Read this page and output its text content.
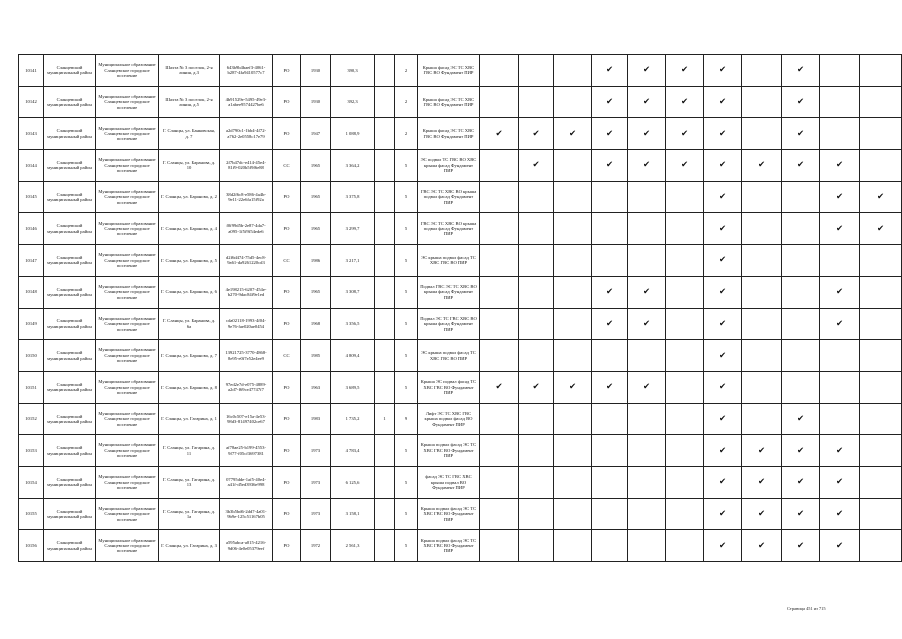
10141	Сланцевский муниципальный район	Муниципальное образование Сланцевское городское поселение	Шахта № 3 поселок, 2-я линия, д.3	643b9b4baef3-4061-b287-4fa9410577c7	РО	1930	390,3		2	Крыша фасад ЭС ТС ХВС ГВС ВО Фундамент ПИР				✔	✔	✔	✔		✔		
10142	Сланцевский муниципальный район	Муниципальное образование Сланцевское городское поселение	Шахта № 3 поселок, 2-я линия, д.5	4b91529e-5495-49e3-a1abee9574427be6	РО	1930	392,3		2	Крыша фасад ЭС ТС ХВС ГВС ВО Фундамент ПИР				✔	✔	✔	✔		✔		
10143	Сланцевский муниципальный район	Муниципальное образование Сланцевское городское поселение	Г. Сланцы, ул. Банковская, д. 7	a2d790c1-1bb4-4f72-a762-2e0558c17e79	РО	1947	1 088,9		2	Крыша фасад ЭС ТС ХВС ГВС ВО Фундамент ПИР	✔	✔	✔	✔	✔	✔	✔		✔		
10144	Сланцевский муниципальный район	Муниципальное образование Сланцевское городское поселение	Г. Сланцы, ул. Баранова, д. 10	2f7b47dc-e414-45e4-81f9-020b5f9f6e88	СС	1965	3 364,2		5	ЭС подвал ТС ГВС ВО ХВС крыша фасад Фундамент ПИР		✔		✔	✔	✔	✔	✔	✔	✔	
10145	Сланцевский муниципальный район	Муниципальное образование Сланцевское городское поселение	Г. Сланцы, ул. Баранова, д. 2	38d2f6c8-e586-4a4b-9e11-22e6fa15f92a	РО	1965	3 375,8		5	ГВС ЭС ТС ХВС ВО крыша подвал фасад Фундамент ПИР							✔			✔	✔
10146	Сланцевский муниципальный район	Муниципальное образование Сланцевское городское поселение	Г. Сланцы, ул. Баранова, д. 4	f0f99d5b-2e87-4da7-a095-1f5f9f54ede6	РО	1965	3 299,7		5	ГВС ЭС ТС ХВС ВО крыша подвал фасад Фундамент ПИР							✔			✔	✔
10147	Сланцевский муниципальный район	Муниципальное образование Сланцевское городское поселение	Г. Сланцы, ул. Баранова, д. 5	d2f6d474-75d5-4ec8-9a61-da9261220cd3	СС	1986	3 217,1		5	ЭС крыша подвал фасад ТС ХВС ГВС ВО ПИР							✔				
10148	Сланцевский муниципальный район	Муниципальное образование Сланцевское городское поселение	Г. Сланцы, ул. Баранова, д. 6	4e198215-6207-454e-b270-9dac84f9e1ed	РО	1965	3 308,7		5	Подвал ГВС ЭС ТС ХВС ВО крыша фасад Фундамент ПИР				✔	✔		✔			✔	
10149	Сланцевский муниципальный район	Муниципальное образование Сланцевское городское поселение	Г. Сланцы, ул. Баранова, д. 6а	cda02118-1993-4f04-9e76-fae020ae0454	РО	1968	3 356,5		5	Подвал ЭС ТС ГВС ХВС ВО крыша фасад Фундамент ПИР				✔	✔		✔			✔	
10150	Сланцевский муниципальный район	Муниципальное образование Сланцевское городское поселение	Г. Сланцы, ул. Баранова, д. 7	13921725-3770-4868-8e95-e0f7e52e4ee9	СС	1985	4 809,4		5	ЭС крыша подвал фасад ТС ХВС ГВС ВО ПИР							✔				
10151	Сланцевский муниципальный район	Муниципальное образование Сланцевское городское поселение	Г. Сланцы, ул. Баранова, д. 8	97ed2e7d-e075-4889-a2d7-f69ce47747f7	РО	1963	3 689,5		5	Крыша ЭС подвал фасад ТС ХВС ГВС ВО Фундамент ПИР	✔	✔	✔	✔	✔		✔				
10152	Сланцевский муниципальный район	Муниципальное образование Сланцевское городское поселение	Г. Сланцы, ул. Гагарина, д. 1	16c0c507-e15a-4e53-98d3-81497402ce67	РО	1983	1 735,2	1	9	Лифт ЭС ТС ХВС ГВС крыша подвал фасад ВО Фундамент ПИР							✔		✔		
10153	Сланцевский муниципальный район	Муниципальное образование Сланцевское городское поселение	Г. Сланцы, ул. Гагарина, д. 11	af78ae25-b199-4553-9f77-f05cf3697381	РО	1973	4 783,4		5	Крыша подвал фасад ЭС ТС ХВС ГВС ВО Фундамент ПИР							✔	✔	✔	✔	
10154	Сланцевский муниципальный район	Муниципальное образование Сланцевское городское поселение	Г. Сланцы, ул. Гагарина, д. 13	07795dde-1af5-40e4-a41f-d5ed3936e998	РО	1973	6 125,6		5	фасад ЭС ТС ГВС ХВС крыша подвал ВО Фундамент ПИР							✔	✔	✔	✔	
10155	Сланцевский муниципальный район	Муниципальное образование Сланцевское городское поселение	Г. Сланцы, ул. Гагарина, д. 1а	3b3b5bd6-2dd7-4a01-9b9e-125c51167b05	РО	1973	3 158,1		5	Крыша подвал фасад ЭС ТС ХВС ГВС ВО Фундамент ПИР							✔	✔	✔	✔	
10156	Сланцевский муниципальный район	Муниципальное образование Сланцевское городское поселение	Г. Сланцы, ул. Гагарина, д. 3	a595abca-a015-4216-9d06-4e0e05379eef	РО	1972	2 561,3		5	Крыша подвал фасад ЭС ТС ХВС ГВС ВО Фундамент ПИР							✔	✔	✔	✔	
Страница 451 из 715
